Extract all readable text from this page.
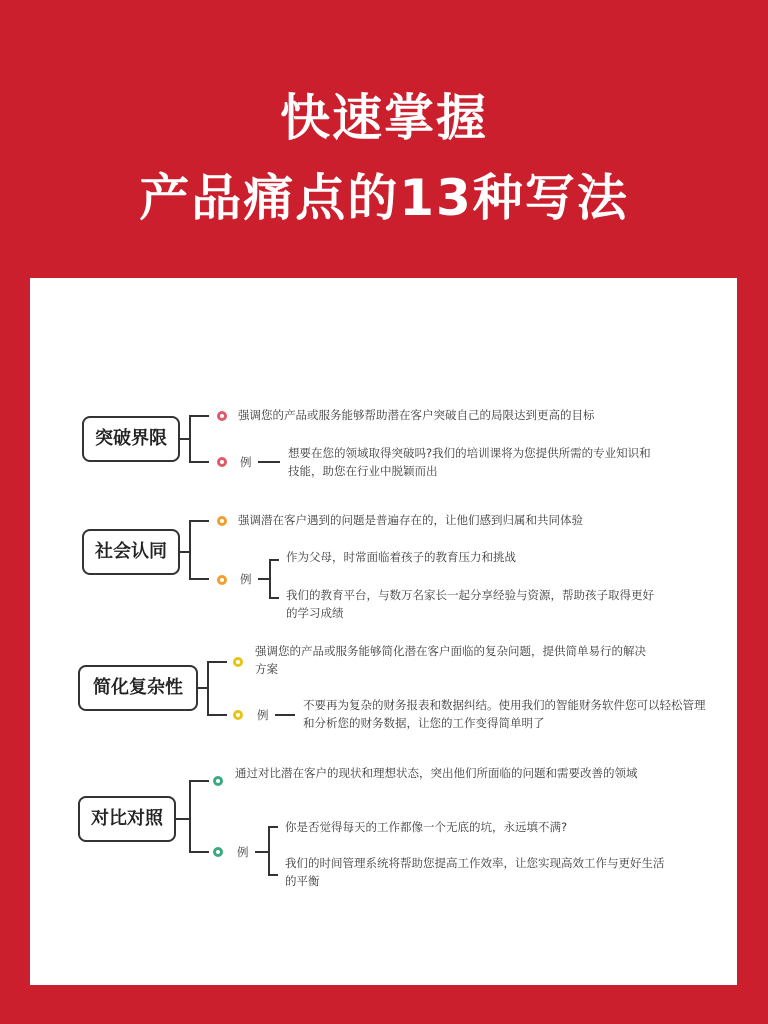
快速掌握
产品痛点的13种写法
突破界限

强调您的产品或服务能够帮助潜在客户突破自己的局限达到更高的目标

例

想要在您的领域取得突破吗?我们的培训课将为您提供所需的专业知识和技能，助您在行业中脱颖而出

社会认同

强调潜在客户遇到的问题是普遍存在的，让他们感到归属和共同体验

例

作为父母，时常面临着孩子的教育压力和挑战

我们的教育平台，与数万名家长一起分享经验与资源，帮助孩子取得更好的学习成绩

简化复杂性

强调您的产品或服务能够简化潜在客户面临的复杂问题，提供简单易行的解决方案

例

不要再为复杂的财务报表和数据纠结。使用我们的智能财务软件您可以轻松管理和分析您的财务数据，让您的工作变得简单明了

对比对照

通过对比潜在客户的现状和理想状态，突出他们所面临的问题和需要改善的领域

例

你是否觉得每天的工作都像一个无底的坑，永远填不满?

我们的时间管理系统将帮助您提高工作效率，让您实现高效工作与更好生活的平衡
